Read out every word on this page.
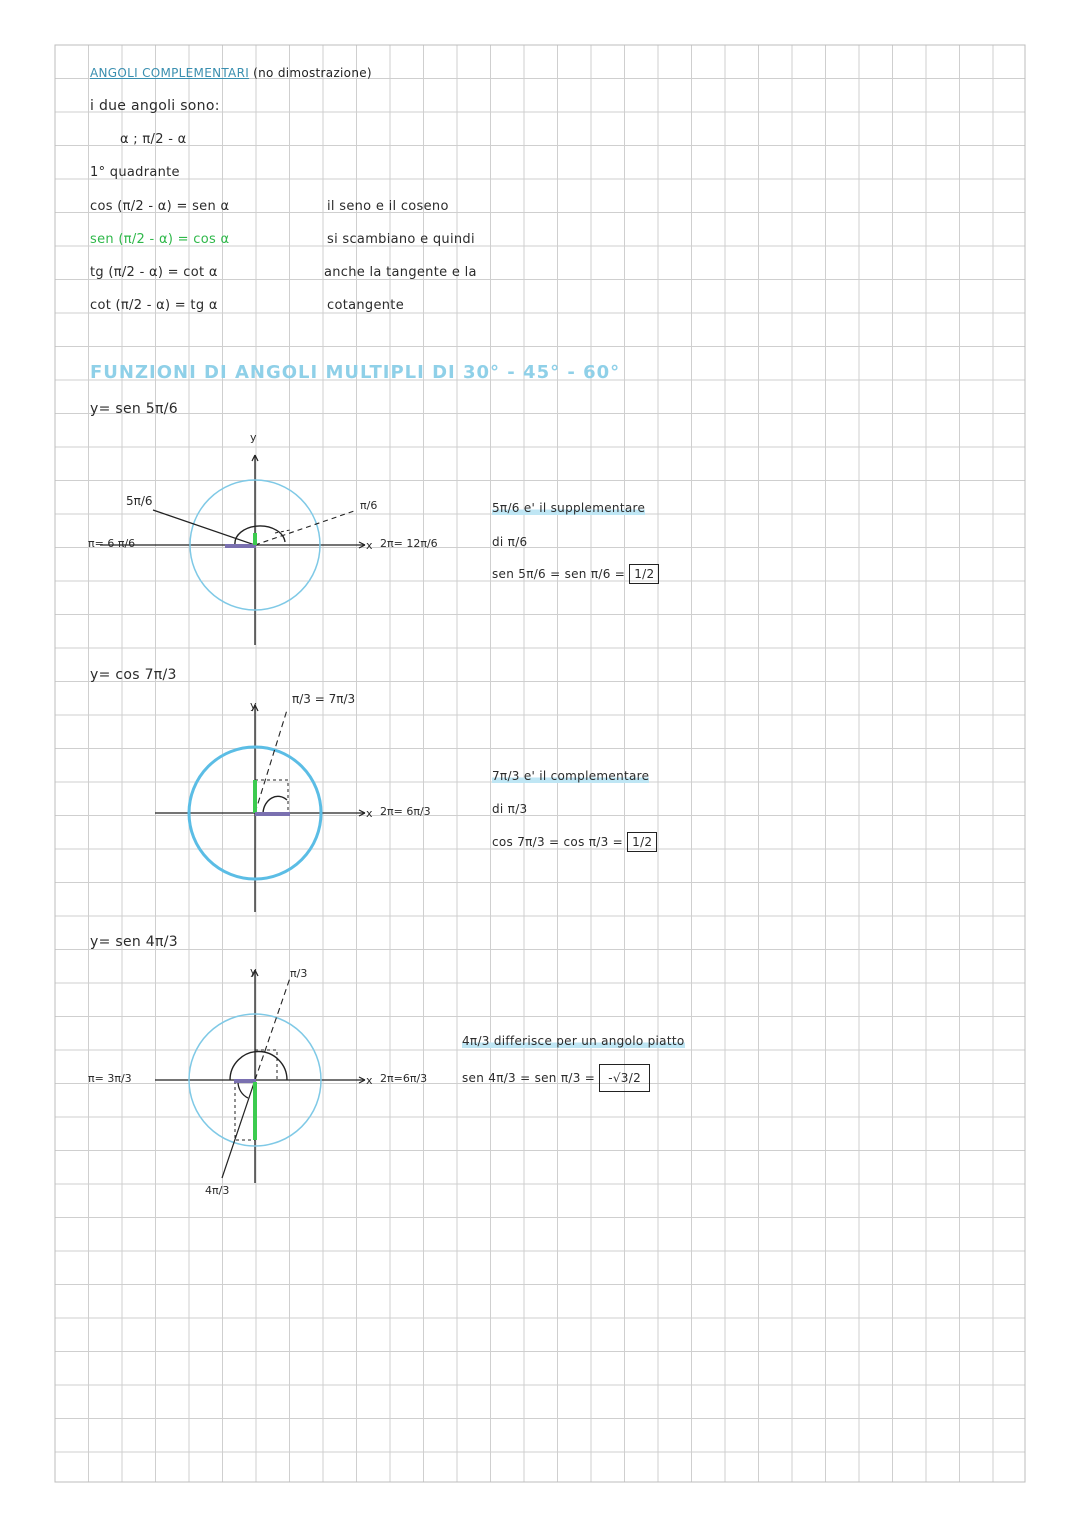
ANGOLI COMPLEMENTARI (no dimostrazione)
i due angoli sono:
α ; π/2 - α
1° quadrante
cos (π/2 - α) = sen α
sen (π/2 - α) = cos α
tg (π/2 - α) = cot α
cot (π/2 - α) = tg α
il seno e il coseno
si scambiano e quindi
anche la tangente e la
cotangente
FUNZIONI DI ANGOLI MULTIPLI DI 30° - 45° - 60°
y= sen 5π/6
y
5π/6
π= 6 π/6
π/6
x 2π= 12π/6
5π/6 e' il supplementare
di π/6
sen 5π/6 = sen π/6 = 1/2
y= cos 7π/3
y	π/3 = 7π/3
x 2π= 6π/3
7π/3 e' il complementare
di π/3
cos 7π/3 = cos π/3 = 1/2
y= sen 4π/3
y	π/3
π= 3π/3
4π/3
x 2π=6π/3
4π/3 differisce per un angolo piatto
sen 4π/3 = sen π/3 = -√3/2
